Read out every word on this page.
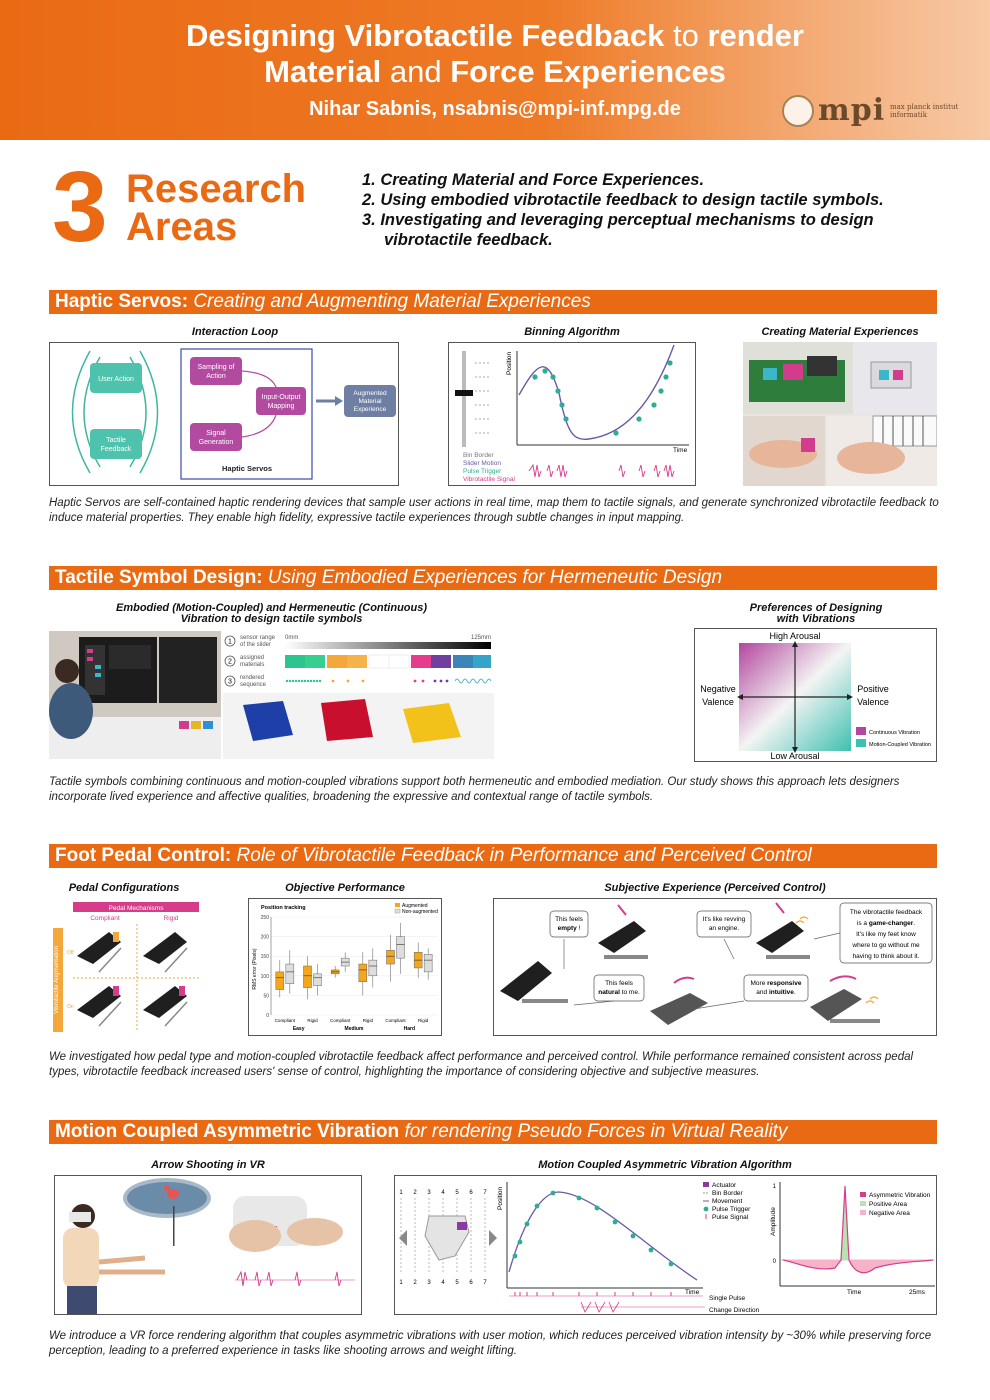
Designing Vibrotactile Feedback to render
Material and Force Experiences
Nihar Sabnis, nsabnis@mpi-inf.mpg.de	mpi max planck institut
informatik
3 Research
Areas
1. Creating Material and Force Experiences.
2. Using embodied vibrotactile feedback to design tactile symbols.
3. Investigating and leveraging perceptual mechanisms to design vibrotactile feedback.
Haptic Servos: Creating and Augmenting Material Experiences
Interaction Loop	Binning Algorithm	Creating Material Experiences
User Action
Tactile
Feedback
Sampling of
Action
Input-Output
Mapping
Signal
Generation
Haptic Servos
Augmented
Material
Experience
Position
Time
Bin Border
Slider Motion
Pulse Trigger
Vibrotactile Signal
Haptic Servos are self-contained haptic rendering devices that sample user actions in real time, map them to tactile signals, and generate synchronized vibrotactile feedback to induce material properties. They enable high fidelity, expressive tactile experiences through subtle changes in input mapping.
Tactile Symbol Design: Using Embodied Experiences for Hermeneutic Design
Embodied (Motion-Coupled) and Hermeneutic (Continuous)
Vibration to design tactile symbols
Preferences of Designing
with Vibrations
1
sensor range
of the slider
0mm	125mm
2
assigned
materials
3
rendered
sequence
High Arousal
Low Arousal
Negative
Valence
Positive
Valence
Continuous Vibration
Motion-Coupled Vibration
Tactile symbols combining continuous and motion-coupled vibrations support both hermeneutic and embodied mediation. Our study shows this approach lets designers incorporate lived experience and affective qualities, broadening the expressive and contextual range of tactile symbols.
Foot Pedal Control: Role of Vibrotactile Feedback in Performance and Perceived Control
Pedal Configurations	Objective Performance	Subjective Experience (Perceived Control)
Pedal Mechanisms
Compliant	Rigid
Vibrotactile Augmentation Off
On
Position tracking	Augmented
Non-augmented
RMS error (Pixels)
0
50
100
150
200
250
Compliant	Rigid	Compliant	Rigid	Compliant	Rigid
Easy	Medium	Hard
This feels
empty !
This feels
natural to me.
It's like revving
an engine.
More responsive
and intuitive.
The vibrotactile feedback
is a game-changer.
It's like my feet know
where to go without me
having to think about it.
We investigated how pedal type and motion-coupled vibrotactile feedback affect performance and perceived control. While performance remained consistent across pedal types, vibrotactile feedback increased users' sense of control, highlighting the importance of considering objective and subjective measures.
Motion Coupled Asymmetric Vibration for rendering Pseudo Forces in Virtual Reality
Arrow Shooting in VR	Motion Coupled Asymmetric Vibration Algorithm
1 2 3 4 5 6 7
1 2 3 4 5 6 7
Position
Time
Single Pulse
Change Direction
Actuator
Bin Border
Movement
Pulse Trigger
Pulse Signal	Amplitude
Time	25ms
1
0
Asymmetric Vibration
Positive Area
Negative Area
We introduce a VR force rendering algorithm that couples asymmetric vibrations with user motion, which reduces perceived vibration intensity by ~30% while preserving force perception, leading to a preferred experience in tasks like shooting arrows and weight lifting.
